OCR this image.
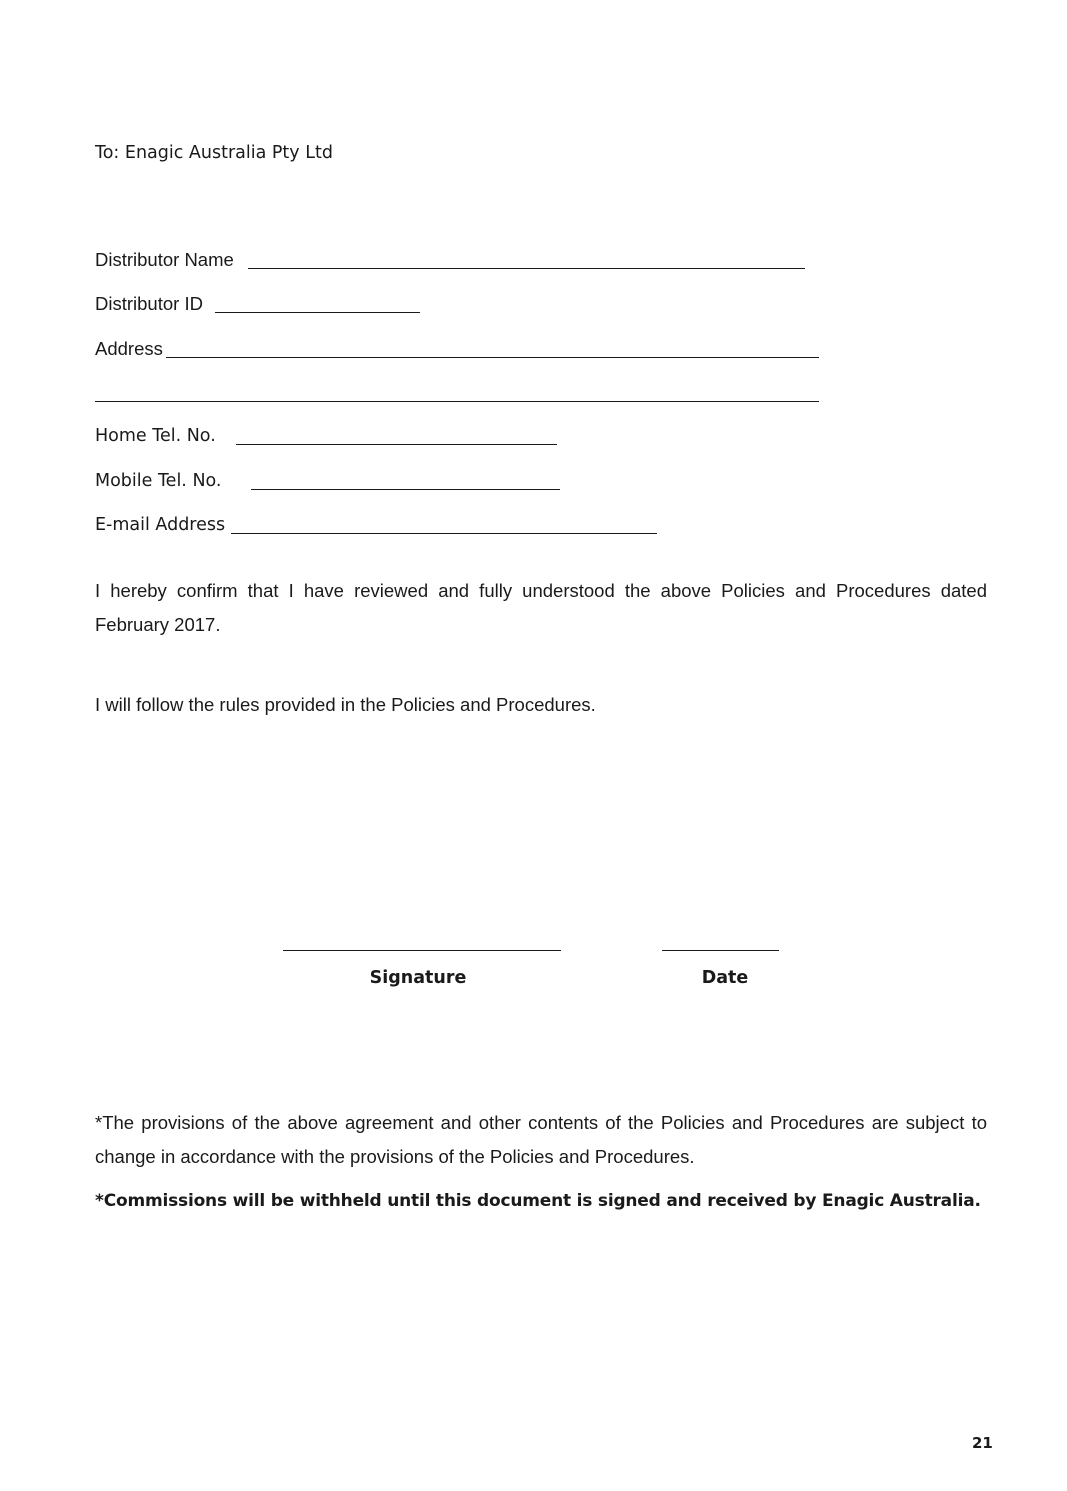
To: Enagic Australia Pty Ltd
Distributor Name
Distributor ID
Address
Home Tel. No.
Mobile Tel. No.
E-mail Address
I hereby confirm that I have reviewed and fully understood the above Policies and Procedures dated February 2017.
I will follow the rules provided in the Policies and Procedures.
Signature	Date
*The provisions of the above agreement and other contents of the Policies and Procedures are subject to change in accordance with the provisions of the Policies and Procedures.
*Commissions will be withheld until this document is signed and received by Enagic Australia.
21
